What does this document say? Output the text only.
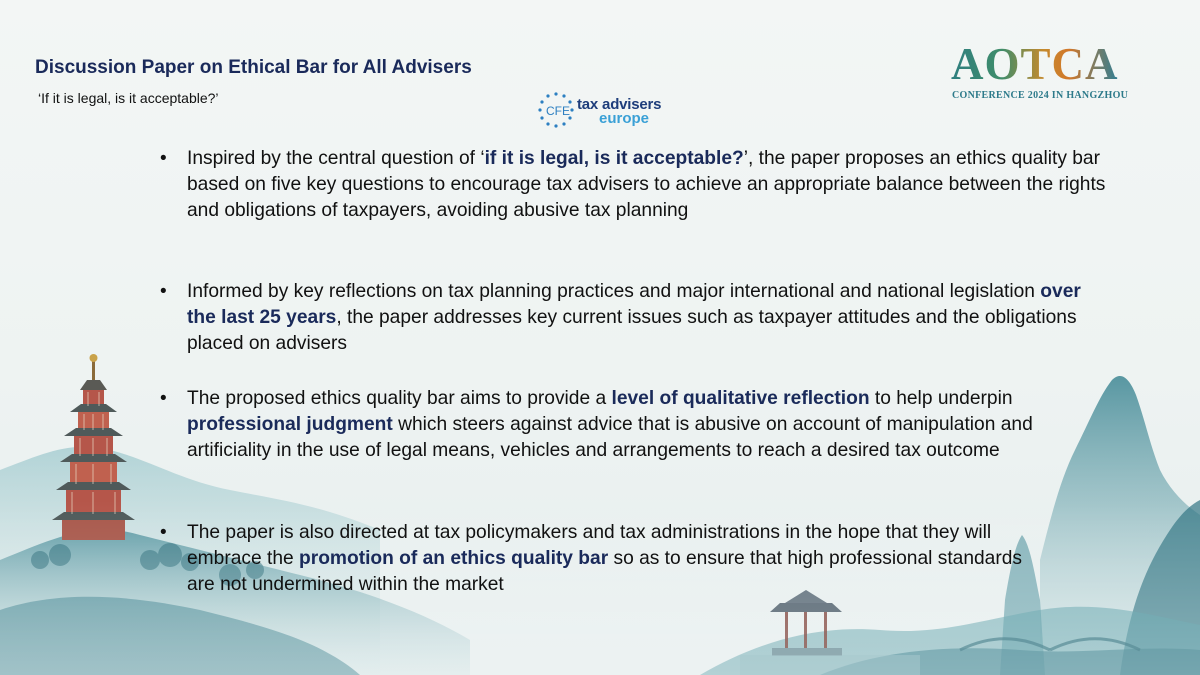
Discussion Paper on Ethical Bar for All Advisers
‘If it is legal, is it acceptable?’
CFE tax advisers
europe
AOTCA
CONFERENCE 2024 IN HANGZHOU
• Inspired by the central question of ‘if it is legal, is it acceptable?’, the paper proposes an ethics quality bar based on five key questions to encourage tax advisers to achieve an appropriate balance between the rights and obligations of taxpayers, avoiding abusive tax planning
• Informed by key reflections on tax planning practices and major international and national legislation over the last 25 years, the paper addresses key current issues such as taxpayer attitudes and the obligations placed on advisers
• The proposed ethics quality bar aims to provide a level of qualitative reflection to help underpin professional judgment which steers against advice that is abusive on account of manipulation and artificiality in the use of legal means, vehicles and arrangements to reach a desired tax outcome
• The paper is also directed at tax policymakers and tax administrations in the hope that they will embrace the promotion of an ethics quality bar so as to ensure that high professional standards are not undermined within the market
